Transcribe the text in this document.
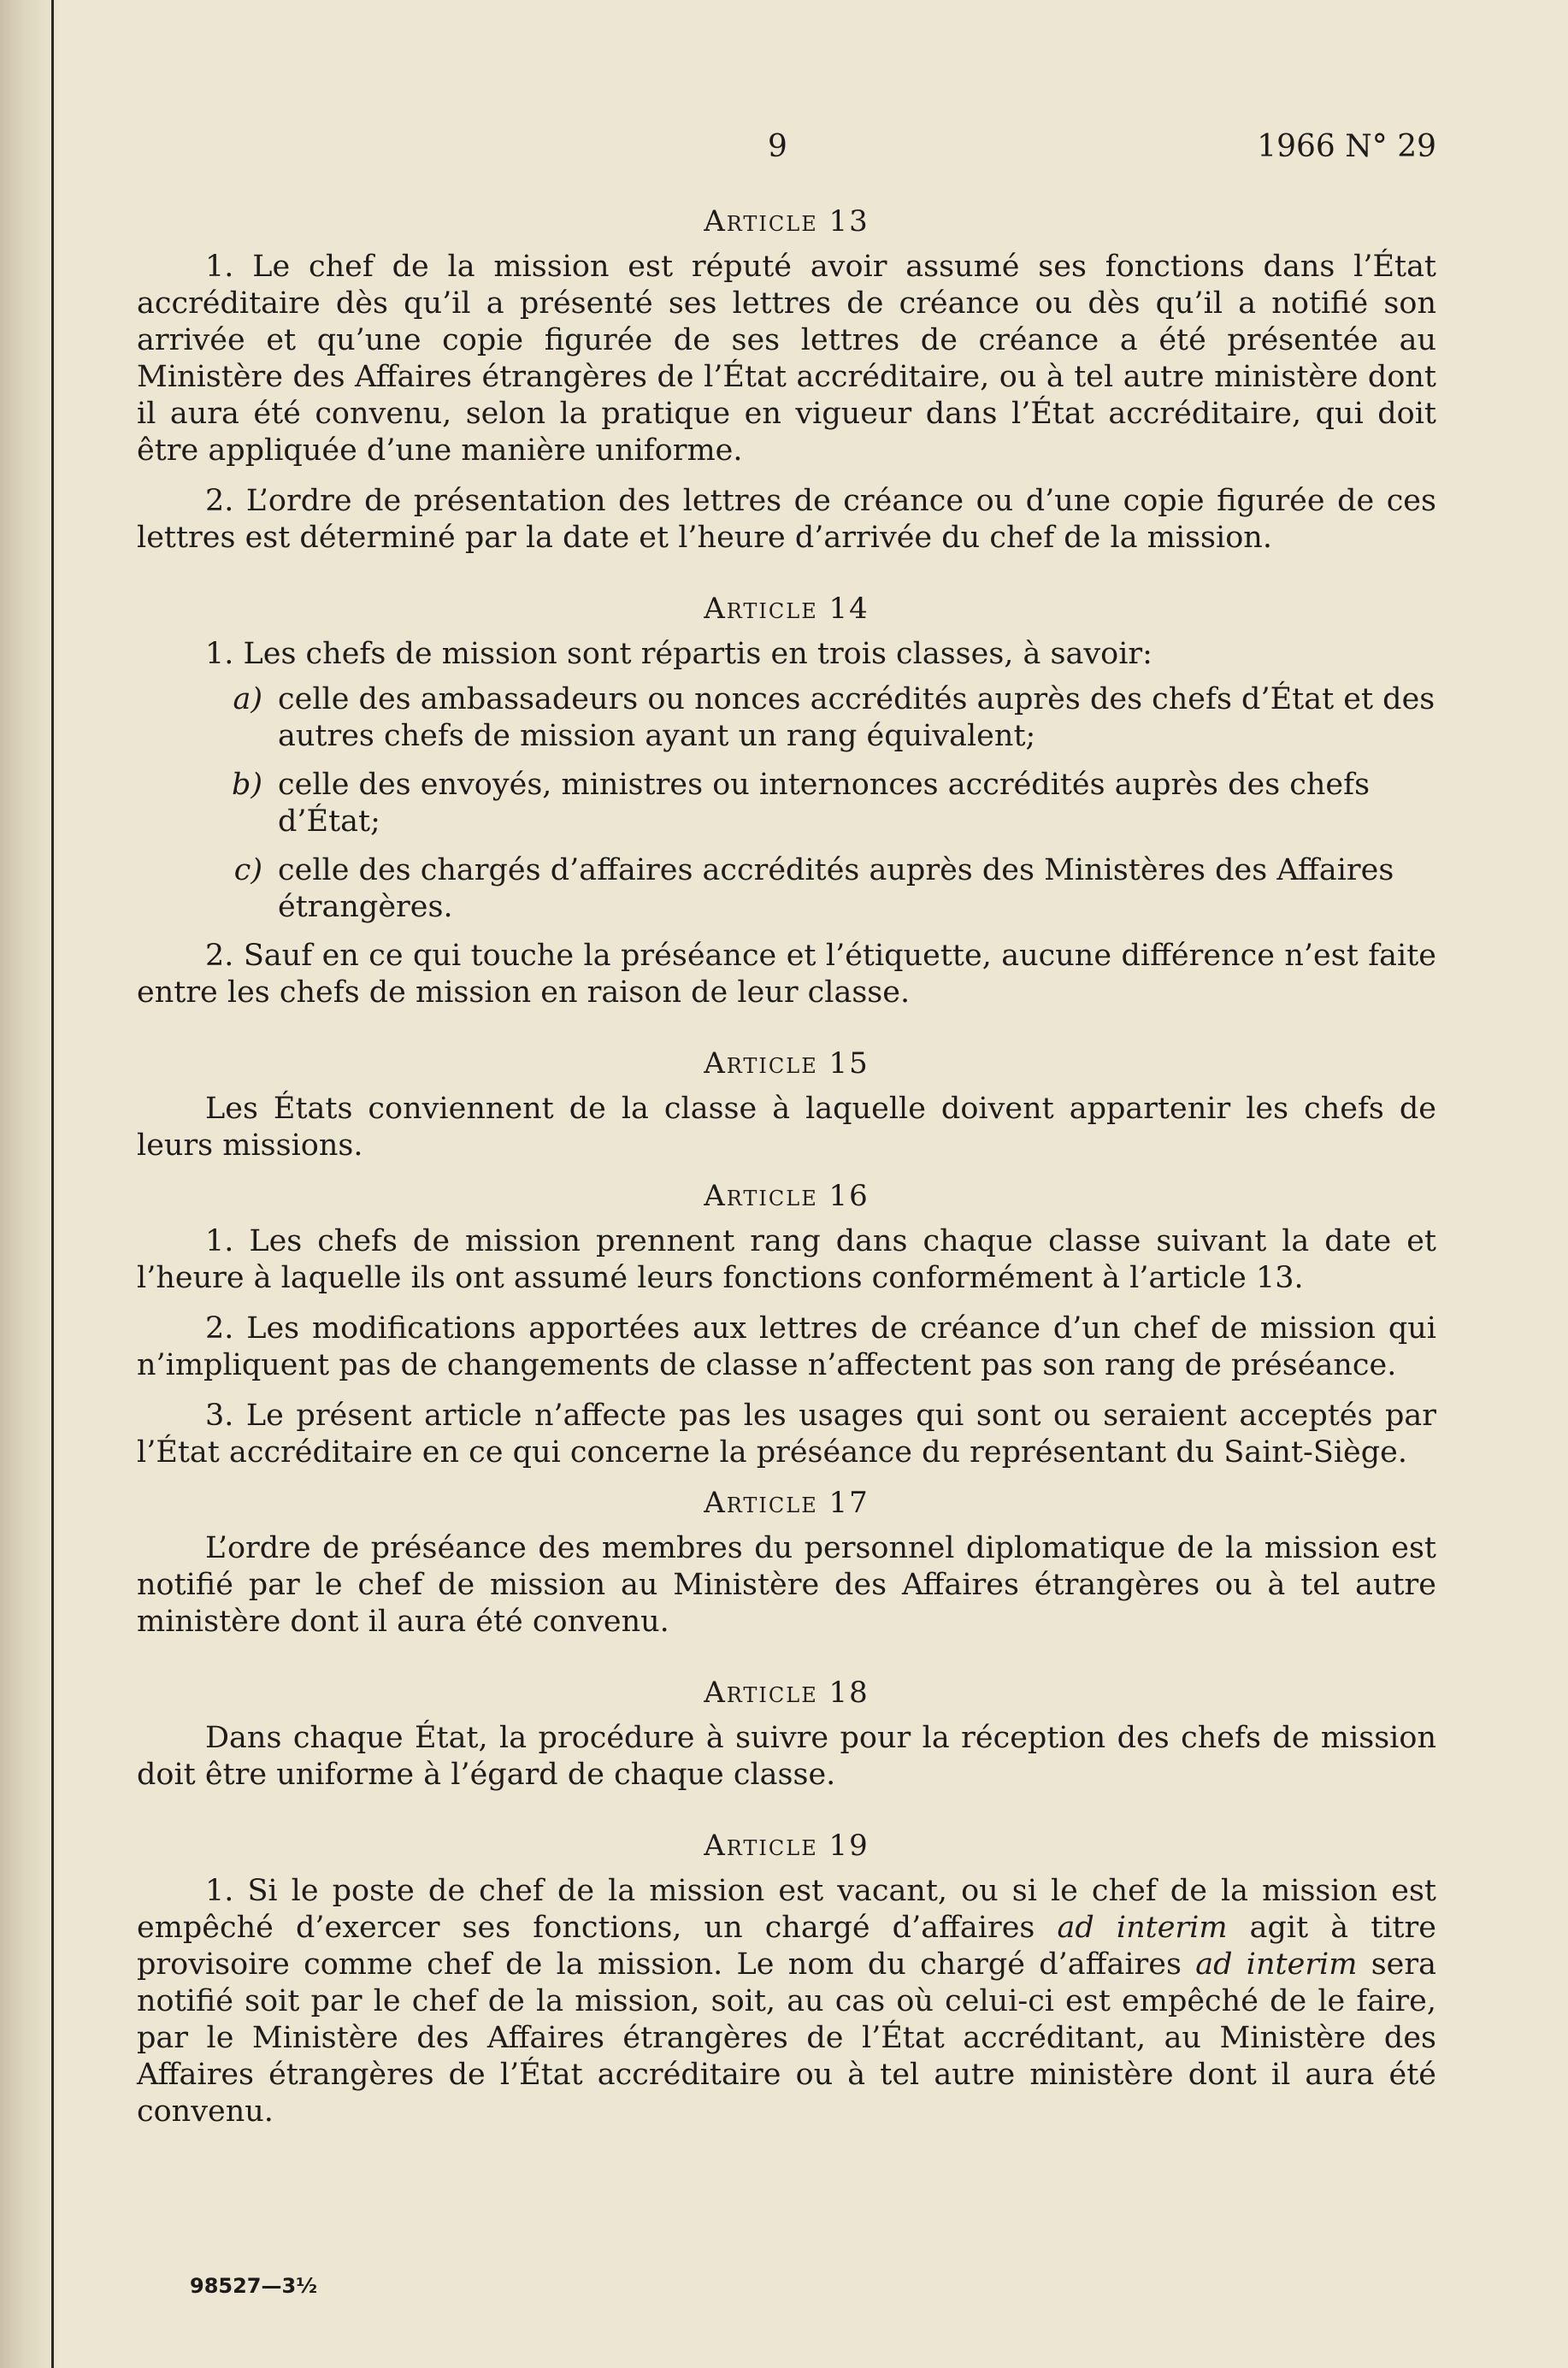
9	1966 N° 29
Article 13

1. Le chef de la mission est réputé avoir assumé ses fonctions dans l’État accréditaire dès qu’il a présenté ses lettres de créance ou dès qu’il a notifié son arrivée et qu’une copie figurée de ses lettres de créance a été présentée au Ministère des Affaires étrangères de l’État accréditaire, ou à tel autre ministère dont il aura été convenu, selon la pratique en vigueur dans l’État accréditaire, qui doit être appliquée d’une manière uniforme.

2. L’ordre de présentation des lettres de créance ou d’une copie figurée de ces lettres est déterminé par la date et l’heure d’arrivée du chef de la mission.

Article 14

1. Les chefs de mission sont répartis en trois classes, à savoir:

a) celle des ambassadeurs ou nonces accrédités auprès des chefs d’État et des autres chefs de mission ayant un rang équivalent;
b) celle des envoyés, ministres ou internonces accrédités auprès des chefs d’État;
c) celle des chargés d’affaires accrédités auprès des Ministères des Affaires étrangères.

2. Sauf en ce qui touche la préséance et l’étiquette, aucune différence n’est faite entre les chefs de mission en raison de leur classe.

Article 15

Les États conviennent de la classe à laquelle doivent appartenir les chefs de leurs missions.

Article 16

1. Les chefs de mission prennent rang dans chaque classe suivant la date et l’heure à laquelle ils ont assumé leurs fonctions conformément à l’article 13.

2. Les modifications apportées aux lettres de créance d’un chef de mission qui n’impliquent pas de changements de classe n’affectent pas son rang de préséance.

3. Le présent article n’affecte pas les usages qui sont ou seraient acceptés par l’État accréditaire en ce qui concerne la préséance du représentant du Saint-Siège.

Article 17

L’ordre de préséance des membres du personnel diplomatique de la mission est notifié par le chef de mission au Ministère des Affaires étrangères ou à tel autre ministère dont il aura été convenu.

Article 18

Dans chaque État, la procédure à suivre pour la réception des chefs de mission doit être uniforme à l’égard de chaque classe.

Article 19

1. Si le poste de chef de la mission est vacant, ou si le chef de la mission est empêché d’exercer ses fonctions, un chargé d’affaires ad interim agit à titre provisoire comme chef de la mission. Le nom du chargé d’affaires ad interim sera notifié soit par le chef de la mission, soit, au cas où celui-ci est empêché de le faire, par le Ministère des Affaires étrangères de l’État accréditant, au Ministère des Affaires étrangères de l’État accréditaire ou à tel autre ministère dont il aura été convenu.

98527—3½
